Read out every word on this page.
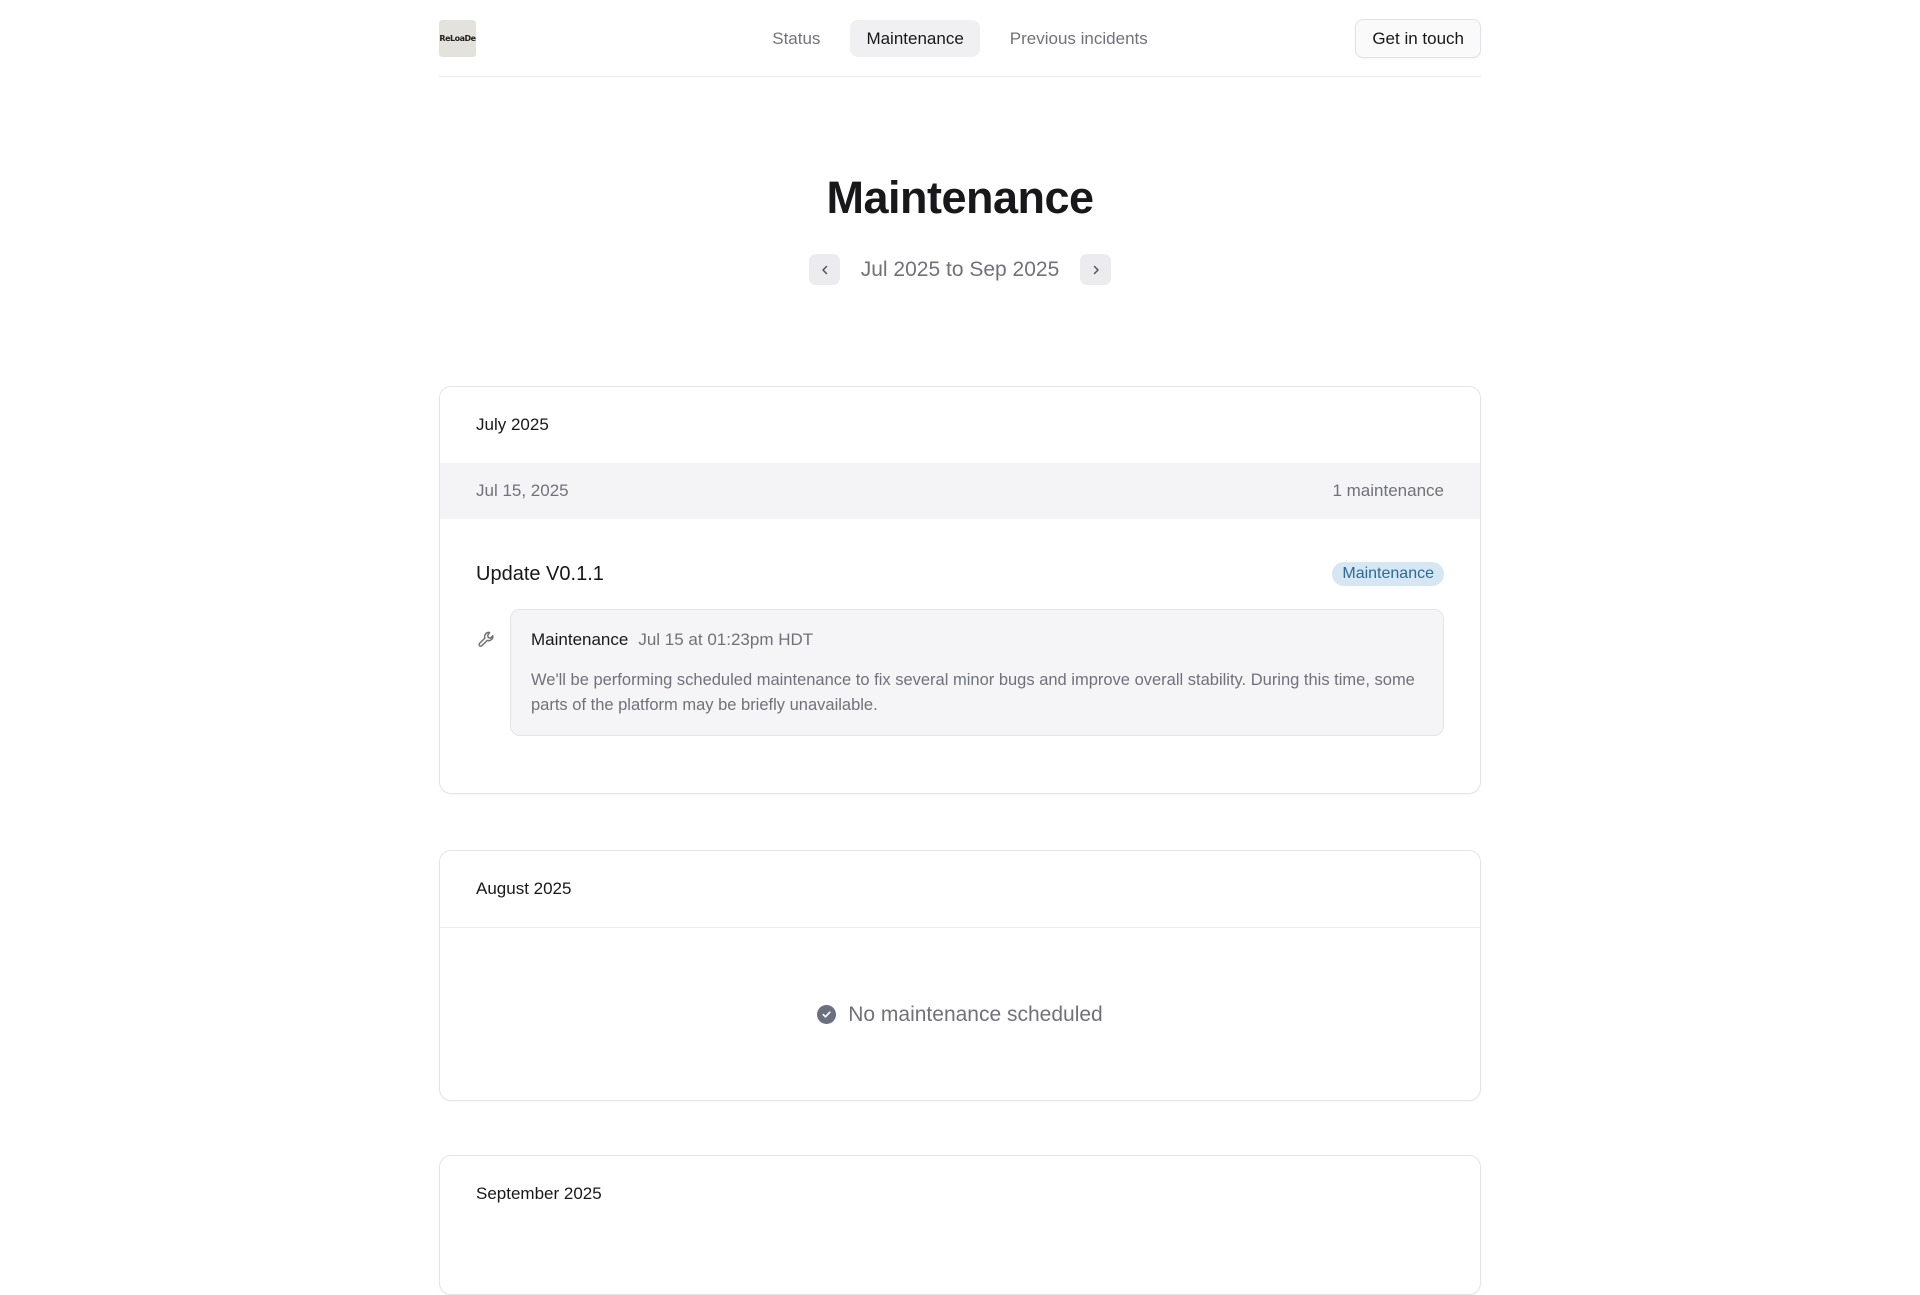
ReLoaDe	Status	Maintenance	Previous incidents	Get in touch
Maintenance
Jul 2025 to Sep 2025
July 2025
Jul 15, 2025	1 maintenance
Update V0.1.1	Maintenance
Maintenance Jul 15 at 01:23pm HDT

We'll be performing scheduled maintenance to fix several minor bugs and improve overall stability. During this time, some parts of the platform may be briefly unavailable.

August 2025
No maintenance scheduled
September 2025
